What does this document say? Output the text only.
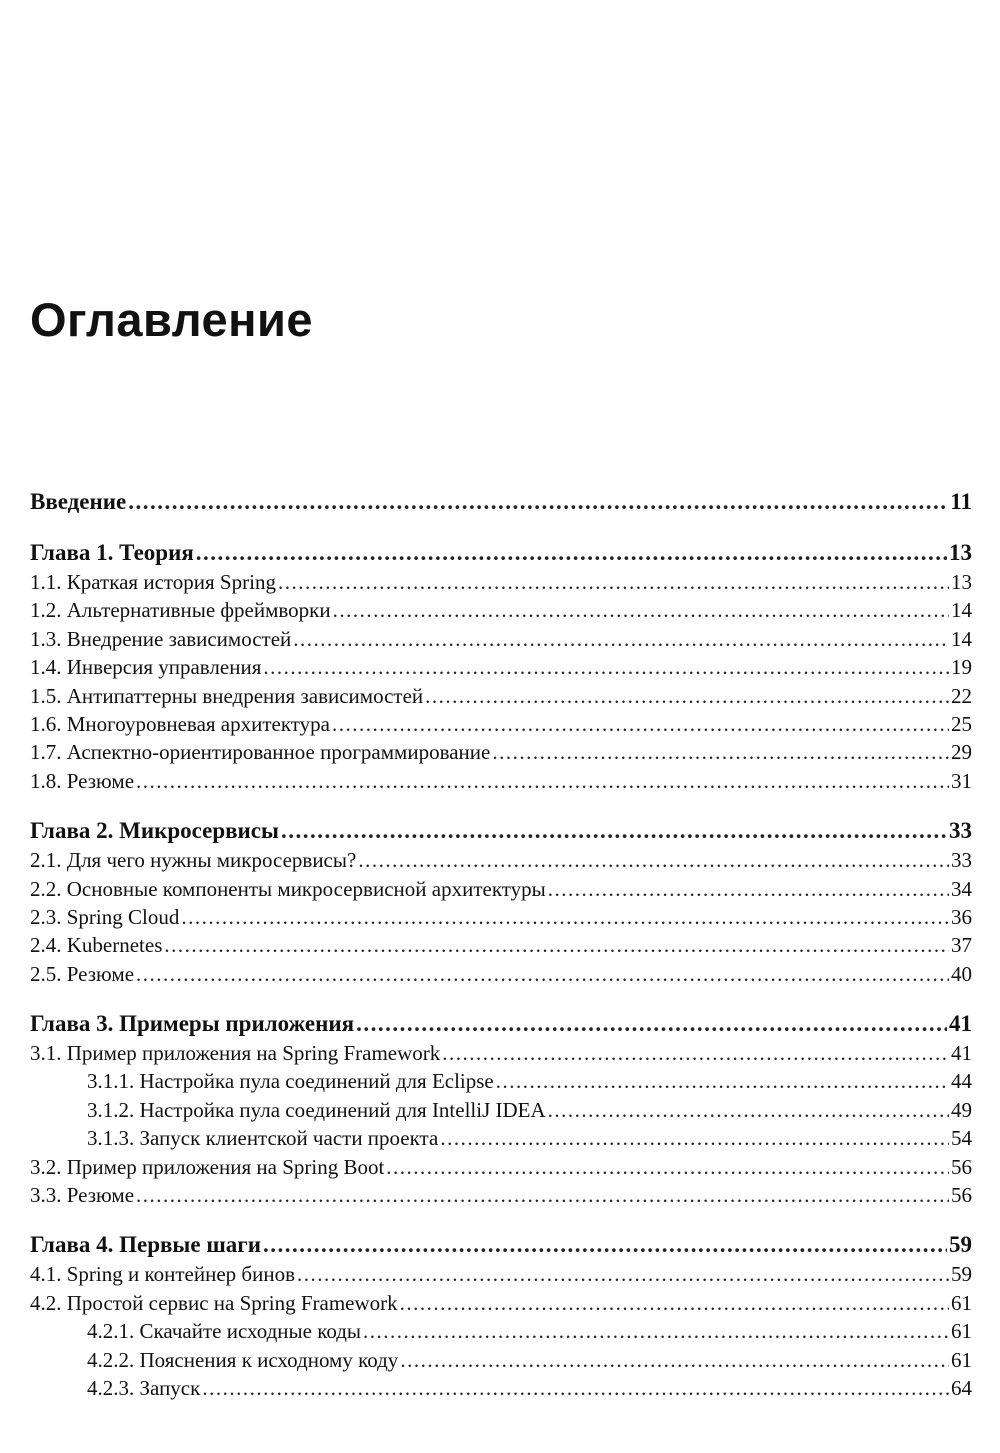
Оглавление
Введение .....	11
Глава 1. Теория .....	13
1.1. Краткая история Spring .....	13
1.2. Альтернативные фреймворки .....	14
1.3. Внедрение зависимостей .....	14
1.4. Инверсия управления .....	19
1.5. Антипаттерны внедрения зависимостей .....	22
1.6. Многоуровневая архитектура .....	25
1.7. Аспектно-ориентированное программирование .....	29
1.8. Резюме .....	31
Глава 2. Микросервисы .....	33
2.1. Для чего нужны микросервисы? .....	33
2.2. Основные компоненты микросервисной архитектуры .....	34
2.3. Spring Cloud .....	36
2.4. Kubernetes .....	37
2.5. Резюме .....	40
Глава 3. Примеры приложения .....	41
3.1. Пример приложения на Spring Framework .....	41
3.1.1. Настройка пула соединений для Eclipse .....	44
3.1.2. Настройка пула соединений для IntelliJ IDEA .....	49
3.1.3. Запуск клиентской части проекта .....	54
3.2. Пример приложения на Spring Boot .....	56
3.3. Резюме .....	56
Глава 4. Первые шаги .....	59
4.1. Spring и контейнер бинов .....	59
4.2. Простой сервис на Spring Framework .....	61
4.2.1. Скачайте исходные коды .....	61
4.2.2. Пояснения к исходному коду .....	61
4.2.3. Запуск .....	64
